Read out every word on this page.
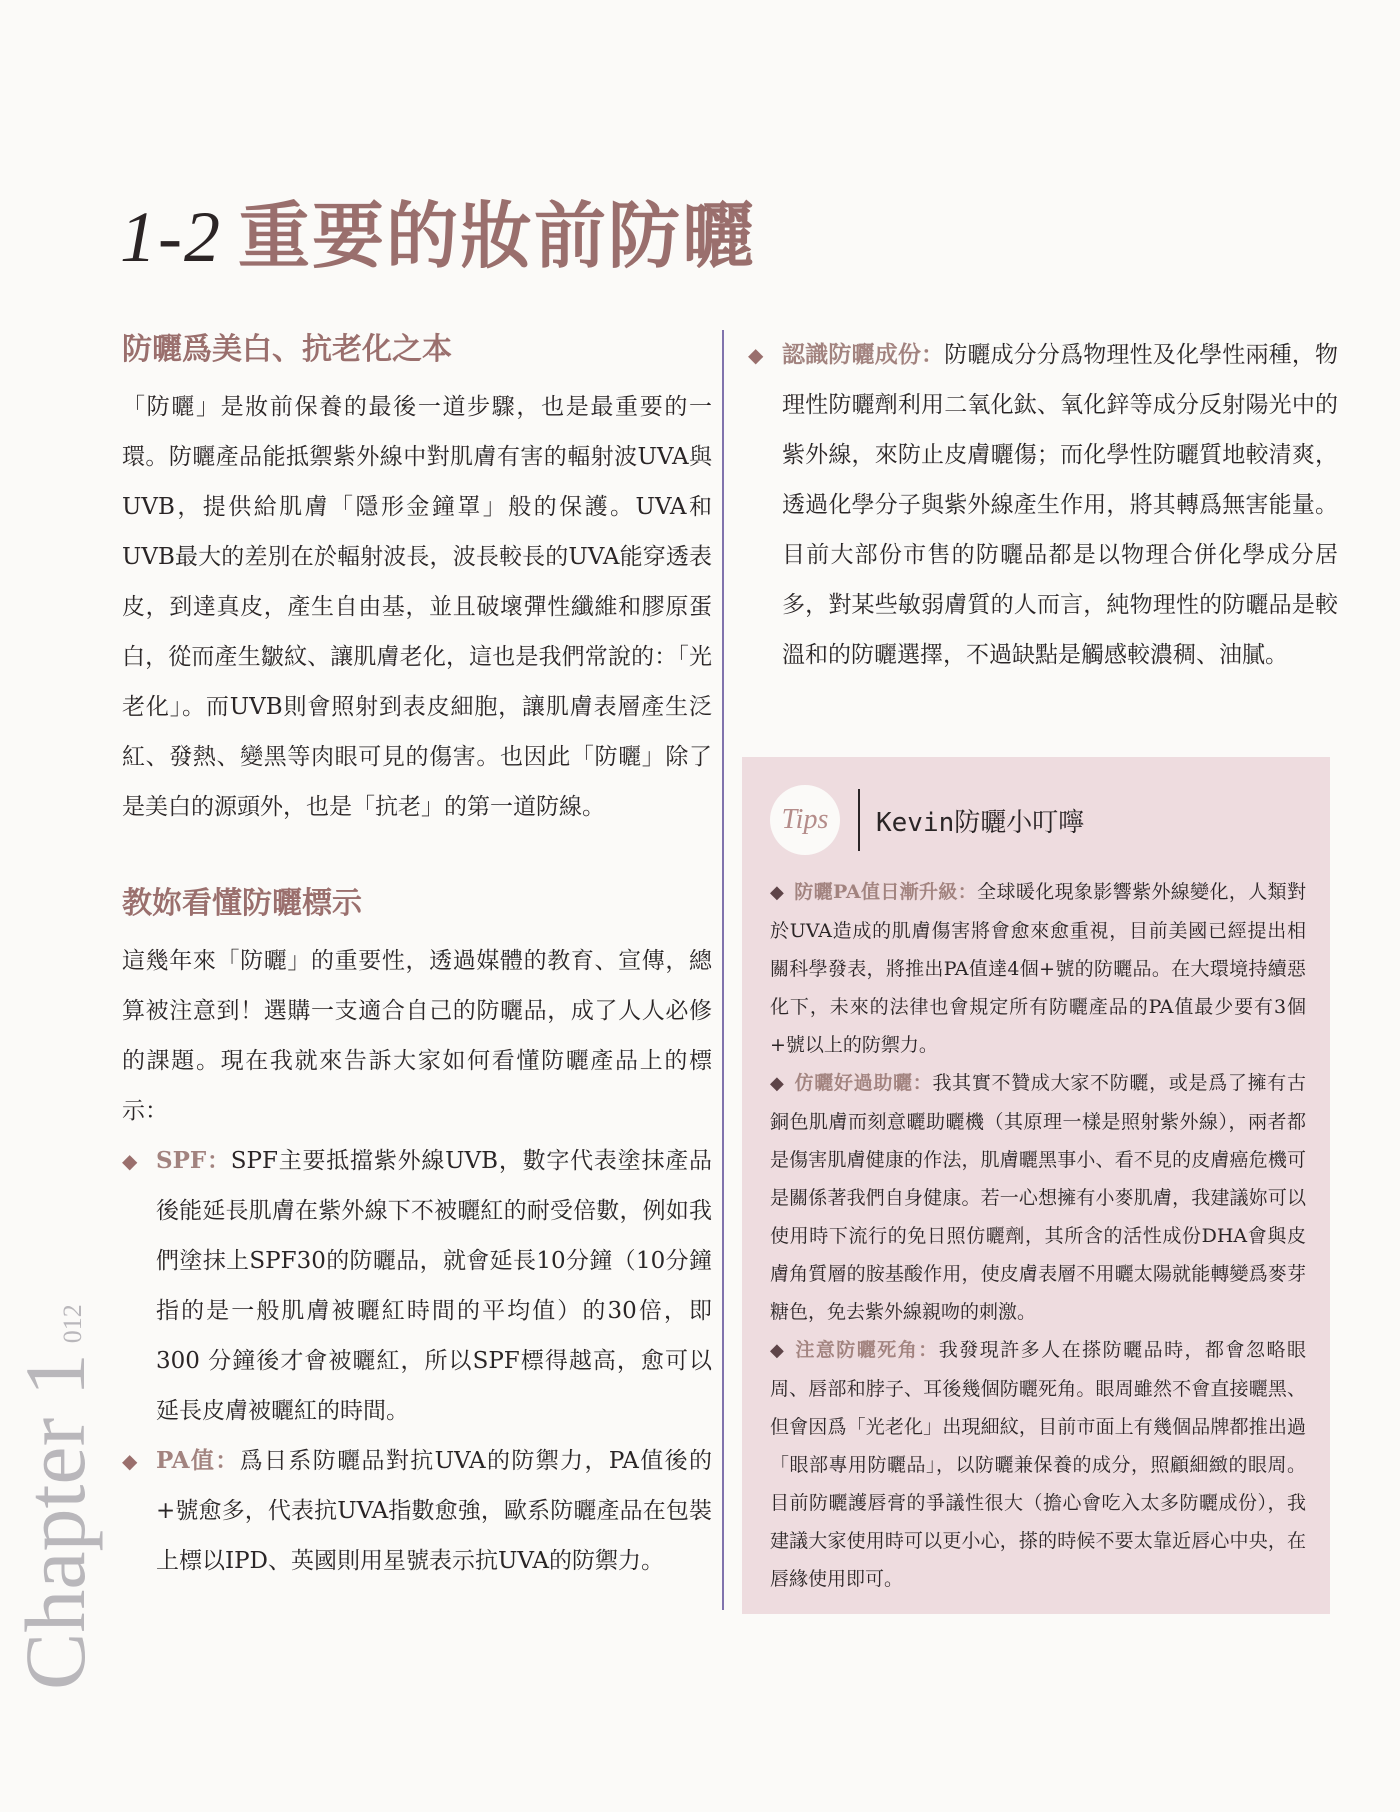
1-2 重要的妝前防曬
防曬爲美白、抗老化之本

「防曬」是妝前保養的最後一道步驟，也是最重要的一環。防曬產品能抵禦紫外線中對肌膚有害的輻射波UVA與UVB，提供給肌膚「隱形金鐘罩」般的保護。UVA和UVB最大的差別在於輻射波長，波長較長的UVA能穿透表皮，到達真皮，產生自由基，並且破壞彈性纖維和膠原蛋白，從而產生皺紋、讓肌膚老化，這也是我們常說的：「光老化」。而UVB則會照射到表皮細胞，讓肌膚表層產生泛紅、發熱、變黑等肉眼可見的傷害。也因此「防曬」除了是美白的源頭外，也是「抗老」的第一道防線。

教妳看懂防曬標示

這幾年來「防曬」的重要性，透過媒體的教育、宣傳，總算被注意到！選購一支適合自己的防曬品，成了人人必修的課題。現在我就來告訴大家如何看懂防曬產品上的標示：

◆ SPF：SPF主要抵擋紫外線UVB，數字代表塗抹產品後能延長肌膚在紫外線下不被曬紅的耐受倍數，例如我們塗抹上SPF30的防曬品，就會延長10分鐘（10分鐘指的是一般肌膚被曬紅時間的平均值）的30倍，即 300 分鐘後才會被曬紅，所以SPF標得越高，愈可以延長皮膚被曬紅的時間。

◆ PA值：爲日系防曬品對抗UVA的防禦力，PA值後的+號愈多，代表抗UVA指數愈強，歐系防曬產品在包裝上標以IPD、英國則用星號表示抗UVA的防禦力。

◆ 認識防曬成份：防曬成分分爲物理性及化學性兩種，物理性防曬劑利用二氧化鈦、氧化鋅等成分反射陽光中的紫外線，來防止皮膚曬傷；而化學性防曬質地較清爽，透過化學分子與紫外線產生作用，將其轉爲無害能量。目前大部份市售的防曬品都是以物理合併化學成分居多，對某些敏弱膚質的人而言，純物理性的防曬品是較溫和的防曬選擇，不過缺點是觸感較濃稠、油膩。

Tips	Kevin防曬小叮嚀

◆ 防曬PA值日漸升級：全球暖化現象影響紫外線變化，人類對於UVA造成的肌膚傷害將會愈來愈重視，目前美國已經提出相關科學發表，將推出PA值達4個+號的防曬品。在大環境持續惡化下，未來的法律也會規定所有防曬產品的PA值最少要有3個+號以上的防禦力。

◆ 仿曬好過助曬：我其實不贊成大家不防曬，或是爲了擁有古銅色肌膚而刻意曬助曬機（其原理一樣是照射紫外線），兩者都是傷害肌膚健康的作法，肌膚曬黑事小、看不見的皮膚癌危機可是關係著我們自身健康。若一心想擁有小麥肌膚，我建議妳可以使用時下流行的免日照仿曬劑，其所含的活性成份DHA會與皮膚角質層的胺基酸作用，使皮膚表層不用曬太陽就能轉變爲麥芽糖色，免去紫外線親吻的刺激。

◆ 注意防曬死角：我發現許多人在搽防曬品時，都會忽略眼周、唇部和脖子、耳後幾個防曬死角。眼周雖然不會直接曬黑、但會因爲「光老化」出現細紋，目前市面上有幾個品牌都推出過「眼部專用防曬品」，以防曬兼保養的成分，照顧細緻的眼周。目前防曬護唇膏的爭議性很大（擔心會吃入太多防曬成份），我建議大家使用時可以更小心，搽的時候不要太靠近唇心中央，在唇緣使用即可。

Chapter 1
012
